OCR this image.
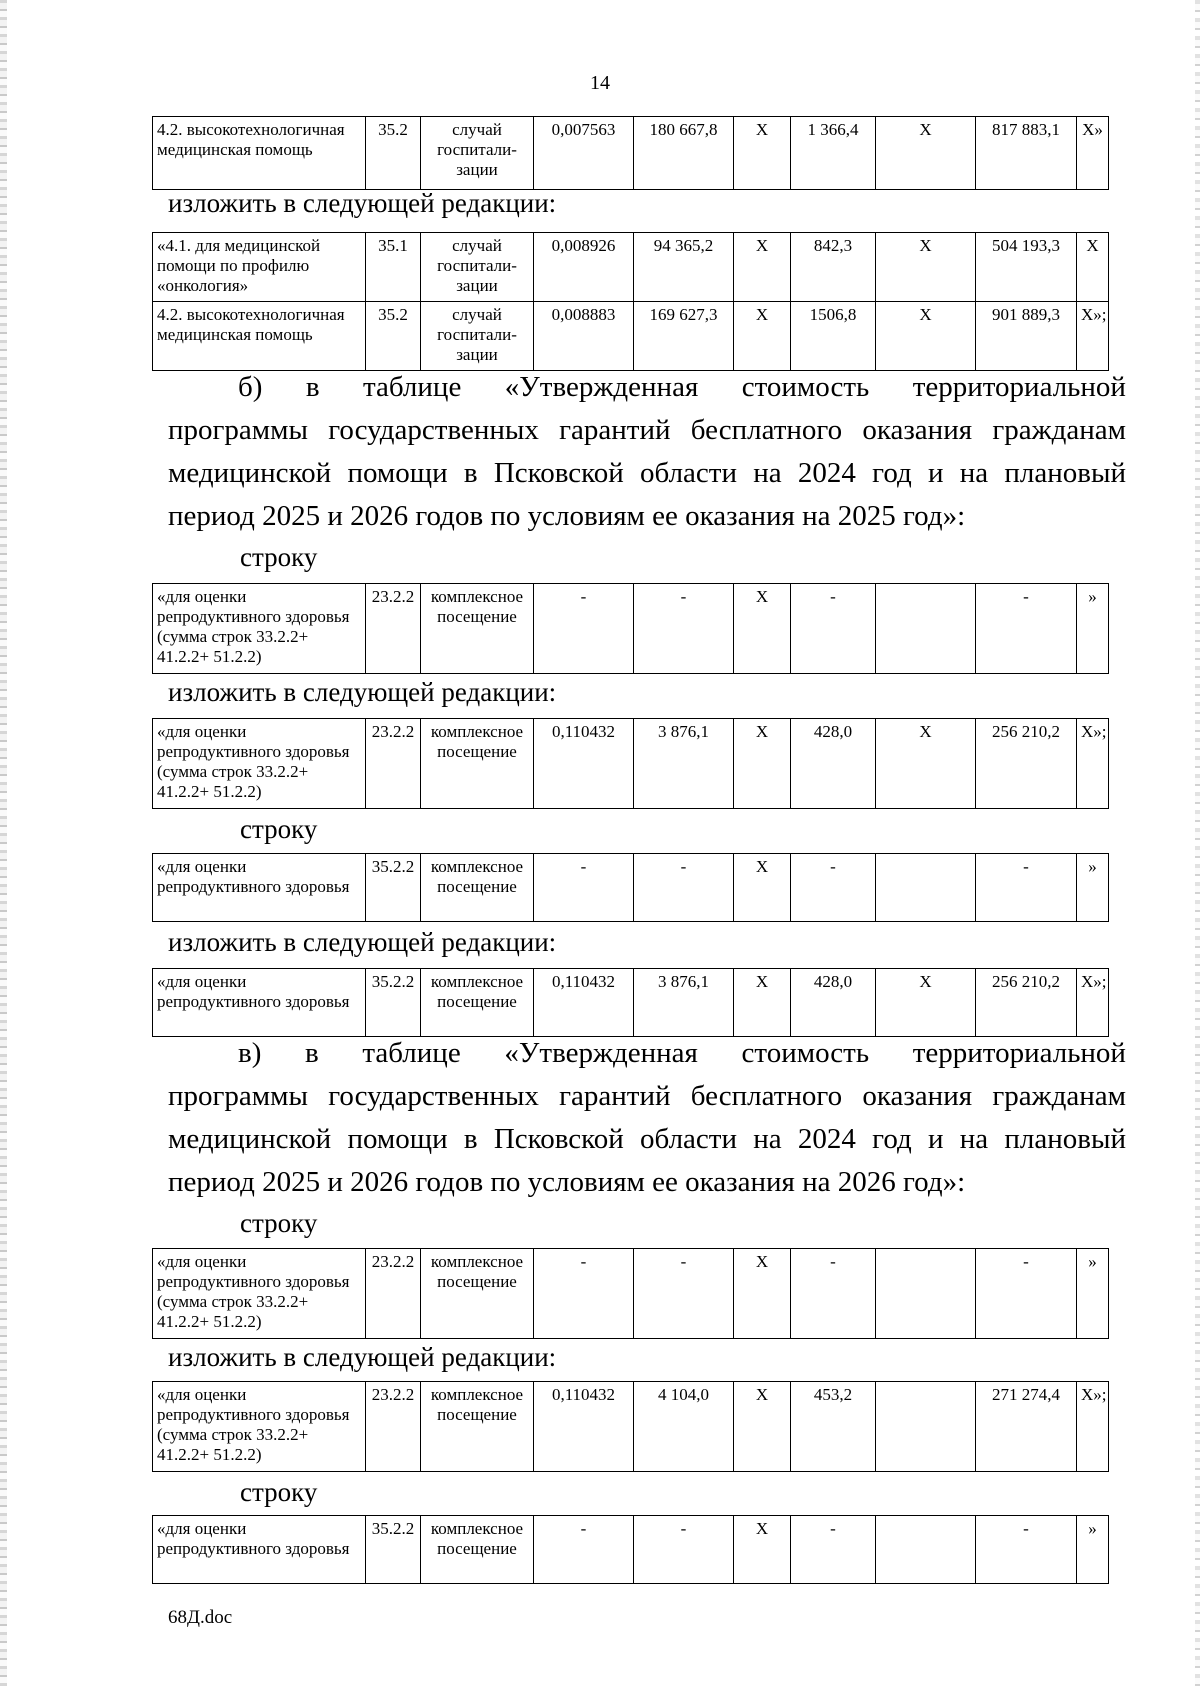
14
4.2. высокотехнологичная медицинская помощь	35.2	случай госпитали-зации	0,007563	180 667,8	Х	1 366,4	Х	817 883,1	Х»
изложить в следующей редакции:
«4.1. для медицинской помощи по профилю «онкология»	35.1	случай госпитали-зации	0,008926	94 365,2	Х	842,3	Х	504 193,3	Х
4.2. высокотехнологичная медицинская помощь	35.2	случай госпитали-зации	0,008883	169 627,3	Х	1506,8	Х	901 889,3	Х»;
б) в таблице «Утвержденная стоимость территориальной
программы государственных гарантий бесплатного оказания гражданам медицинской помощи в Псковской области на 2024 год и на плановый период 2025 и 2026 годов по условиям ее оказания на 2025 год»:
строку
«для оценки репродуктивного здоровья (сумма строк 33.2.2+ 41.2.2+ 51.2.2)	23.2.2	комплексное посещение	-	-	Х	-		-	»
изложить в следующей редакции:
«для оценки репродуктивного здоровья (сумма строк 33.2.2+ 41.2.2+ 51.2.2)	23.2.2	комплексное посещение	0,110432	3 876,1	Х	428,0	Х	256 210,2	Х»;
строку
«для оценки репродуктивного здоровья	35.2.2	комплексное посещение	-	-	Х	-		-	»
изложить в следующей редакции:
«для оценки репродуктивного здоровья	35.2.2	комплексное посещение	0,110432	3 876,1	Х	428,0	Х	256 210,2	Х»;
в) в таблице «Утвержденная стоимость территориальной
программы государственных гарантий бесплатного оказания гражданам медицинской помощи в Псковской области на 2024 год и на плановый период 2025 и 2026 годов по условиям ее оказания на 2026 год»:
строку
«для оценки репродуктивного здоровья (сумма строк 33.2.2+ 41.2.2+ 51.2.2)	23.2.2	комплексное посещение	-	-	Х	-		-	»
изложить в следующей редакции:
«для оценки репродуктивного здоровья (сумма строк 33.2.2+ 41.2.2+ 51.2.2)	23.2.2	комплексное посещение	0,110432	4 104,0	Х	453,2		271 274,4	Х»;
строку
«для оценки репродуктивного здоровья	35.2.2	комплексное посещение	-	-	Х	-		-	»
68Д.doc
